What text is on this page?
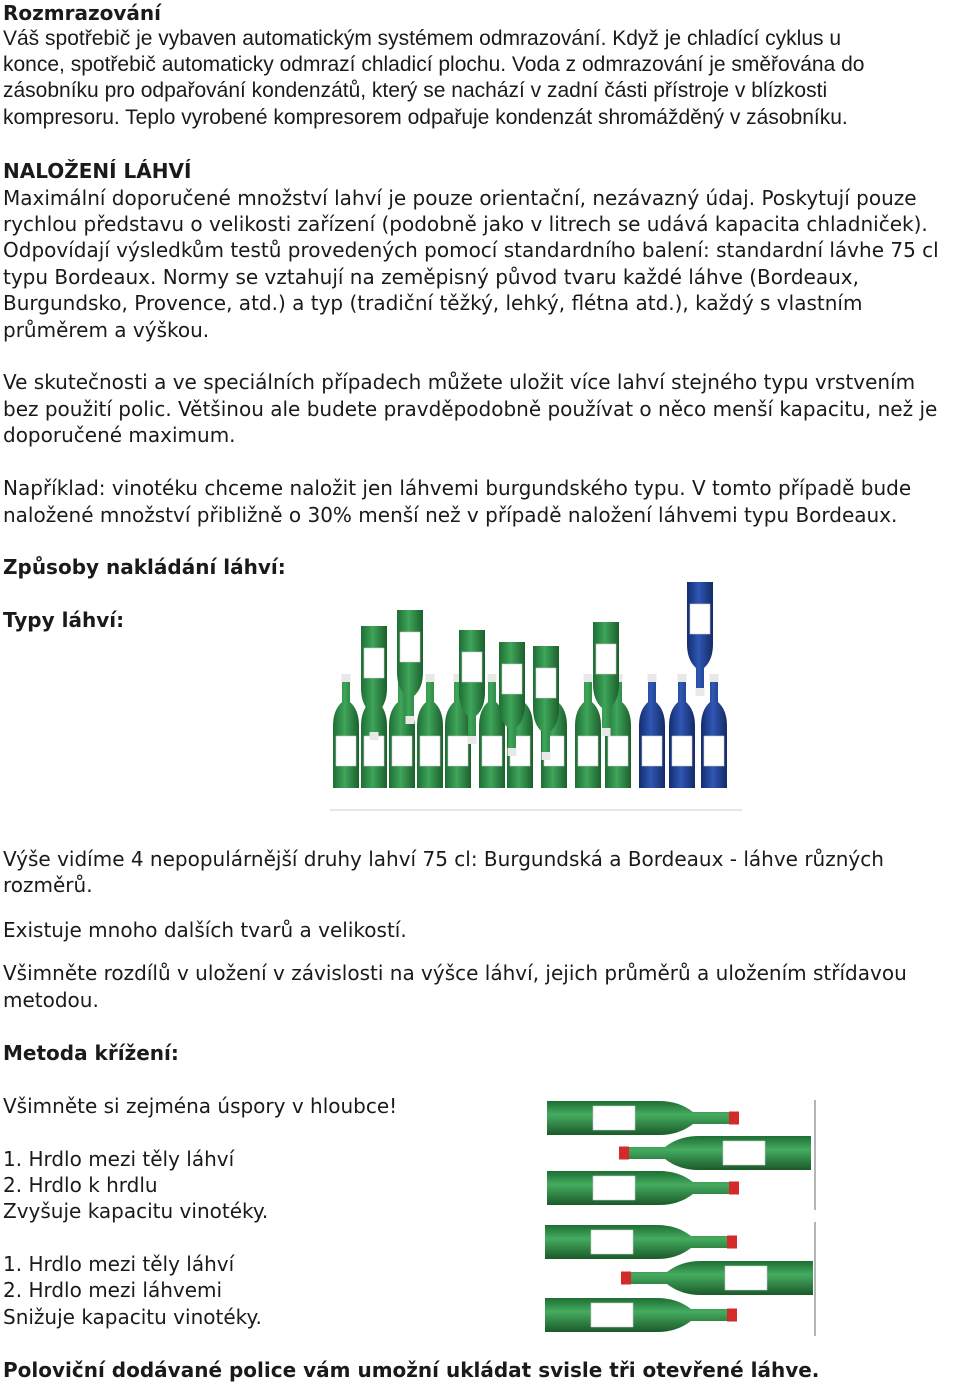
Rozmrazování

Váš spotřebič je vybaven automatickým systémem odmrazování. Když je chladící cyklus u

konce, spotřebič automaticky odmrazí chladicí plochu. Voda z odmrazování je směřována do

zásobníku pro odpařování kondenzátů, který se nachází v zadní části přístroje v blízkosti

kompresoru. Teplo vyrobené kompresorem odpařuje kondenzát shromážděný v zásobníku.

NALOŽENÍ LÁHVÍ

Maximální doporučené množství lahví je pouze orientační, nezávazný údaj. Poskytují pouze

rychlou představu o velikosti zařízení (podobně jako v litrech se udává kapacita chladniček).

Odpovídají výsledkům testů provedených pomocí standardního balení: standardní lávhe 75 cl

typu Bordeaux. Normy se vztahují na zeměpisný původ tvaru každé láhve (Bordeaux,

Burgundsko, Provence, atd.) a typ (tradiční těžký, lehký, flétna atd.), každý s vlastním

průměrem a výškou.

Ve skutečnosti a ve speciálních případech můžete uložit více lahví stejného typu vrstvením

bez použití polic. Většinou ale budete pravděpodobně používat o něco menší kapacitu, než je

doporučené maximum.

Například: vinotéku chceme naložit jen láhvemi burgundského typu. V tomto případě bude

naložené množství přibližně o 30% menší než v případě naložení láhvemi typu Bordeaux.

Způsoby nakládání láhví:

Typy láhví:

Výše vidíme 4 nepopulárnější druhy lahví 75 cl: Burgundská a Bordeaux - láhve různých

rozměrů.

Existuje mnoho dalších tvarů a velikostí.

Všimněte rozdílů v uložení v závislosti na výšce láhví, jejich průměrů a uložením střídavou

metodou.

Metoda křížení:

Všimněte si zejména úspory v hloubce!

1. Hrdlo mezi těly láhví

2. Hrdlo k hrdlu

Zvyšuje kapacitu vinotéky.

1. Hrdlo mezi těly láhví

2. Hrdlo mezi láhvemi

Snižuje kapacitu vinotéky.

Poloviční dodávané police vám umožní ukládat svisle tři otevřené láhve.
